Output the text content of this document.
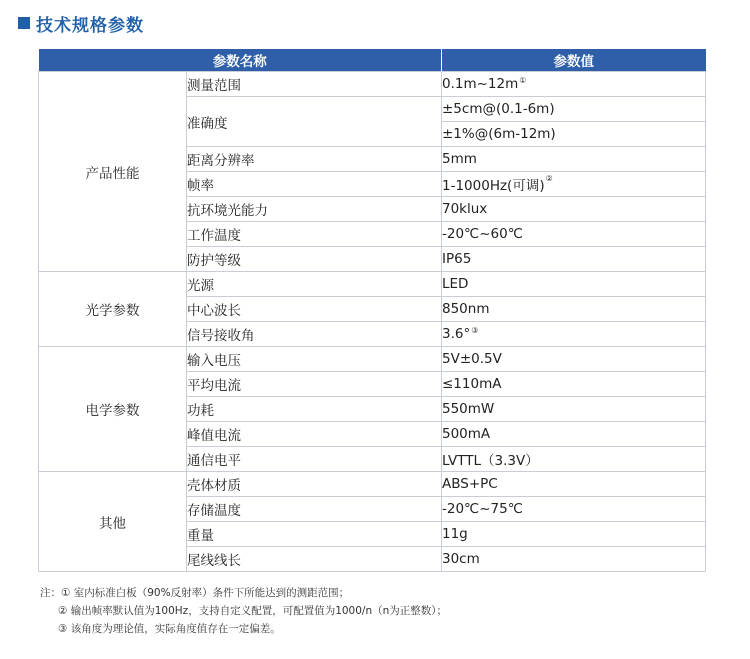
技术规格参数
参数名称		参数值
产品性能	测量范围	0.1m~12m①
	准确度	±5cm@(0.1-6m)
		±1%@(6m-12m)
	距离分辨率	5mm
	帧率	1-1000Hz(可调)②
	抗环境光能力	70klux
	工作温度	-20℃~60℃
	防护等级	IP65
光学参数	光源	LED
	中心波长	850nm
	信号接收角	3.6°③
电学参数	输入电压	5V±0.5V
	平均电流	≤110mA
	功耗	550mW
	峰值电流	500mA
	通信电平	LVTTL（3.3V）
其他	壳体材质	ABS+PC
	存储温度	-20℃~75℃
	重量	11g
	尾线线长	30cm
注：① 室内标准白板（90%反射率）条件下所能达到的测距范围；
② 输出帧率默认值为100Hz，支持自定义配置，可配置值为1000/n（n为正整数）；
③ 该角度为理论值，实际角度值存在一定偏差。
